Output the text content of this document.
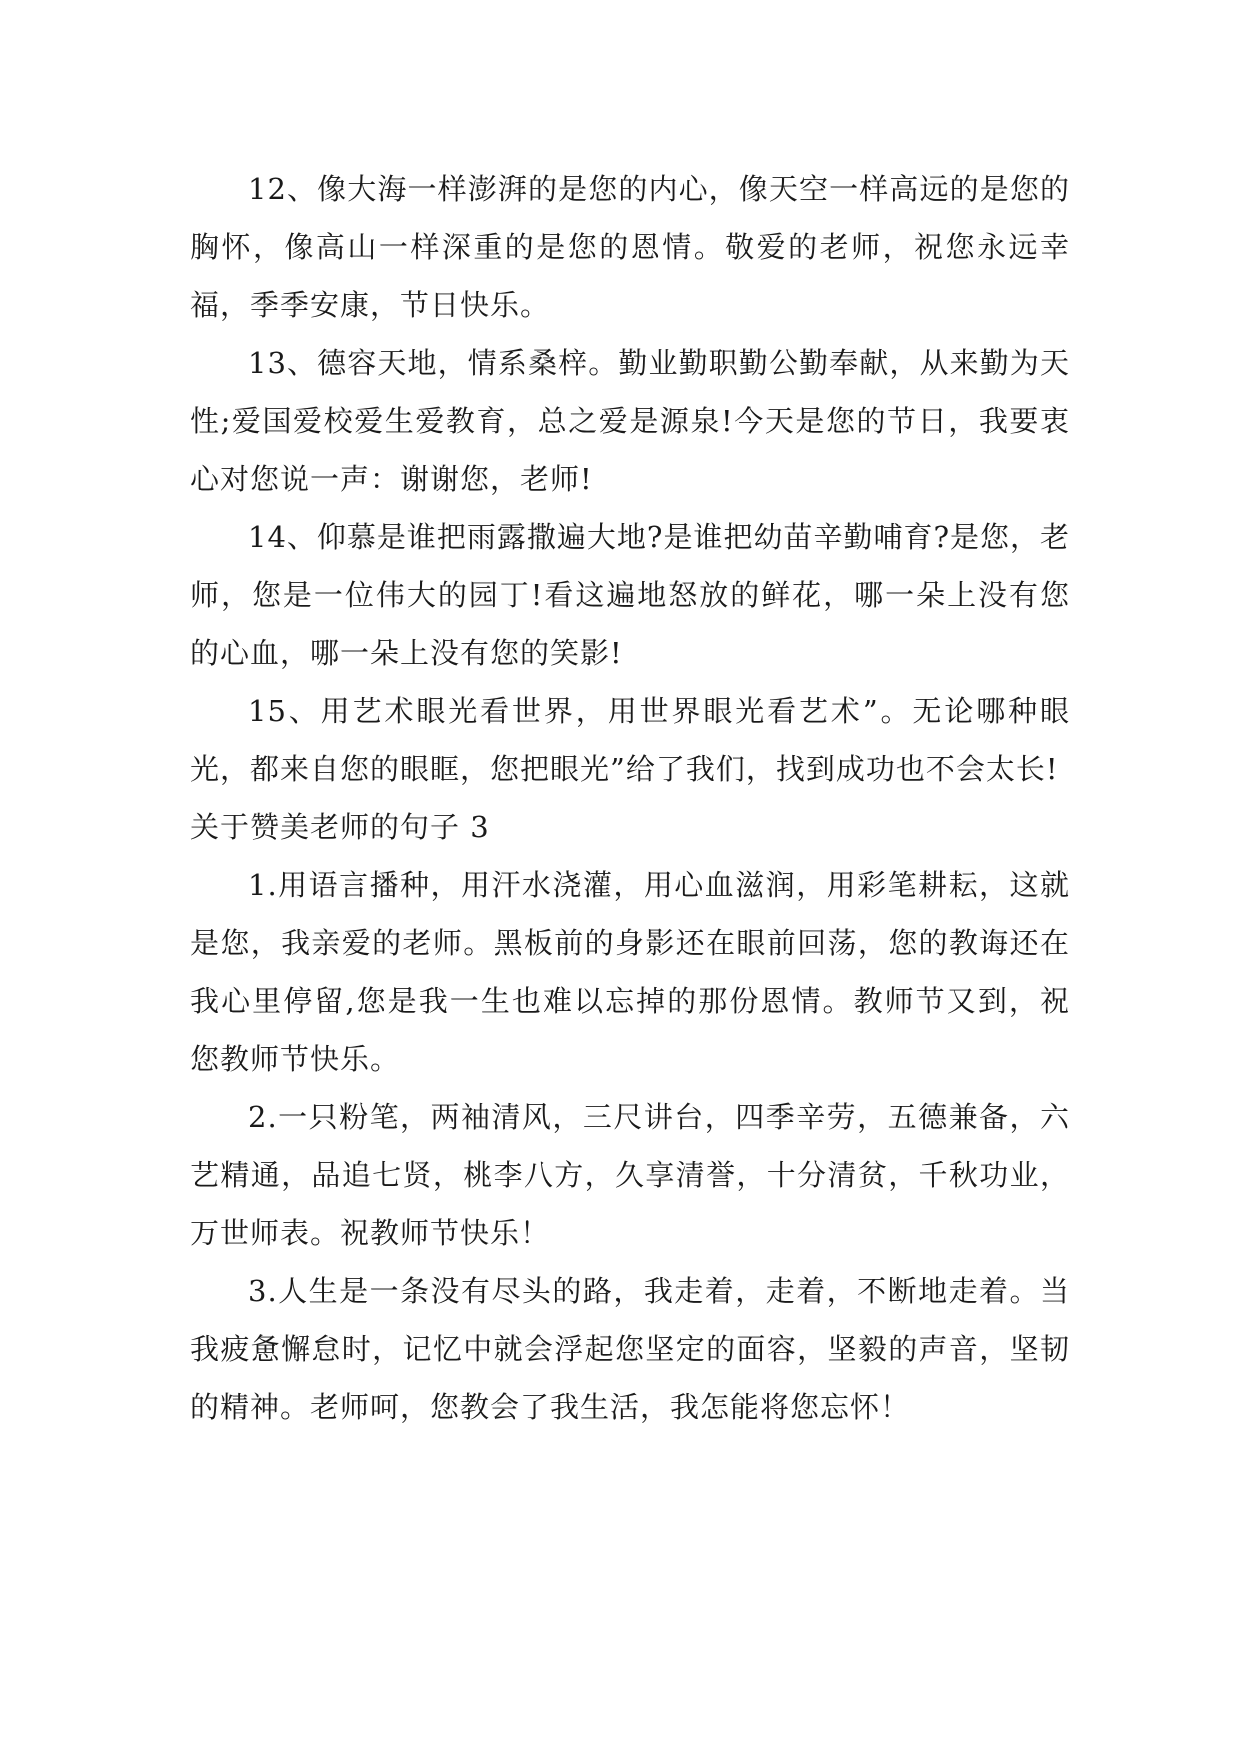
12、像大海一样澎湃的是您的内心，像天空一样高远的是您的胸怀，像高山一样深重的是您的恩情。敬爱的老师，祝您永远幸福，季季安康，节日快乐。

13、德容天地，情系桑梓。勤业勤职勤公勤奉献，从来勤为天性;爱国爱校爱生爱教育，总之爱是源泉!今天是您的节日，我要衷心对您说一声：谢谢您，老师!

14、仰慕是谁把雨露撒遍大地?是谁把幼苗辛勤哺育?是您，老师，您是一位伟大的园丁!看这遍地怒放的鲜花，哪一朵上没有您的心血，哪一朵上没有您的笑影!

15、用艺术眼光看世界，用世界眼光看艺术”。无论哪种眼光，都来自您的眼眶，您把眼光”给了我们，找到成功也不会太长!

关于赞美老师的句子 3

1.用语言播种，用汗水浇灌，用心血滋润，用彩笔耕耘，这就是您，我亲爱的老师。黑板前的身影还在眼前回荡，您的教诲还在我心里停留,您是我一生也难以忘掉的那份恩情。教师节又到，祝您教师节快乐。

2.一只粉笔，两袖清风，三尺讲台，四季辛劳，五德兼备，六艺精通，品追七贤，桃李八方，久享清誉，十分清贫，千秋功业，万世师表。祝教师节快乐！

3.人生是一条没有尽头的路，我走着，走着，不断地走着。当我疲惫懈怠时，记忆中就会浮起您坚定的面容，坚毅的声音，坚韧的精神。老师呵，您教会了我生活，我怎能将您忘怀！
